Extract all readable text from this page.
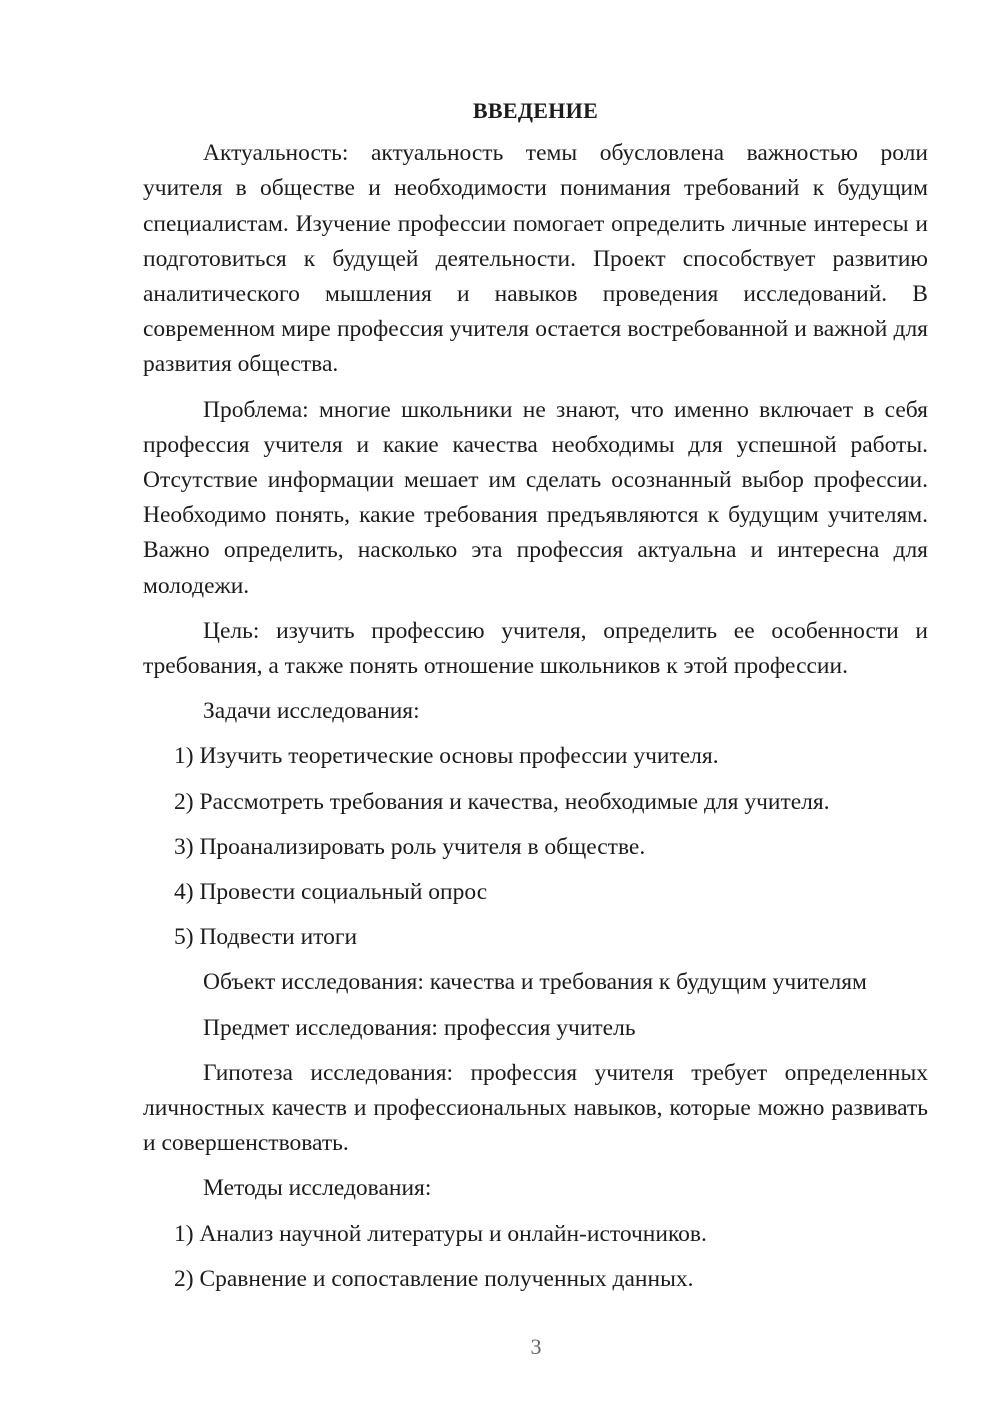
ВВЕДЕНИЕ

Актуальность: актуальность темы обусловлена важностью роли учителя в обществе и необходимости понимания требований к будущим специалистам. Изучение профессии помогает определить личные интересы и подготовиться к будущей деятельности. Проект способствует развитию аналитического мышления и навыков проведения исследований. В современном мире профессия учителя остается востребованной и важной для развития общества.

Проблема: многие школьники не знают, что именно включает в себя профессия учителя и какие качества необходимы для успешной работы. Отсутствие информации мешает им сделать осознанный выбор профессии. Необходимо понять, какие требования предъявляются к будущим учителям. Важно определить, насколько эта профессия актуальна и интересна для молодежи.

Цель: изучить профессию учителя, определить ее особенности и требования, а также понять отношение школьников к этой профессии.

Задачи исследования:
1) Изучить теоретические основы профессии учителя.
2) Рассмотреть требования и качества, необходимые для учителя.
3) Проанализировать роль учителя в обществе.
4) Провести социальный опрос
5) Подвести итоги
Объект исследования: качества и требования к будущим учителям
Предмет исследования: профессия учитель

Гипотеза исследования: профессия учителя требует определенных личностных качеств и профессиональных навыков, которые можно развивать и совершенствовать.

Методы исследования:
1) Анализ научной литературы и онлайн-источников.
2) Сравнение и сопоставление полученных данных.
3
